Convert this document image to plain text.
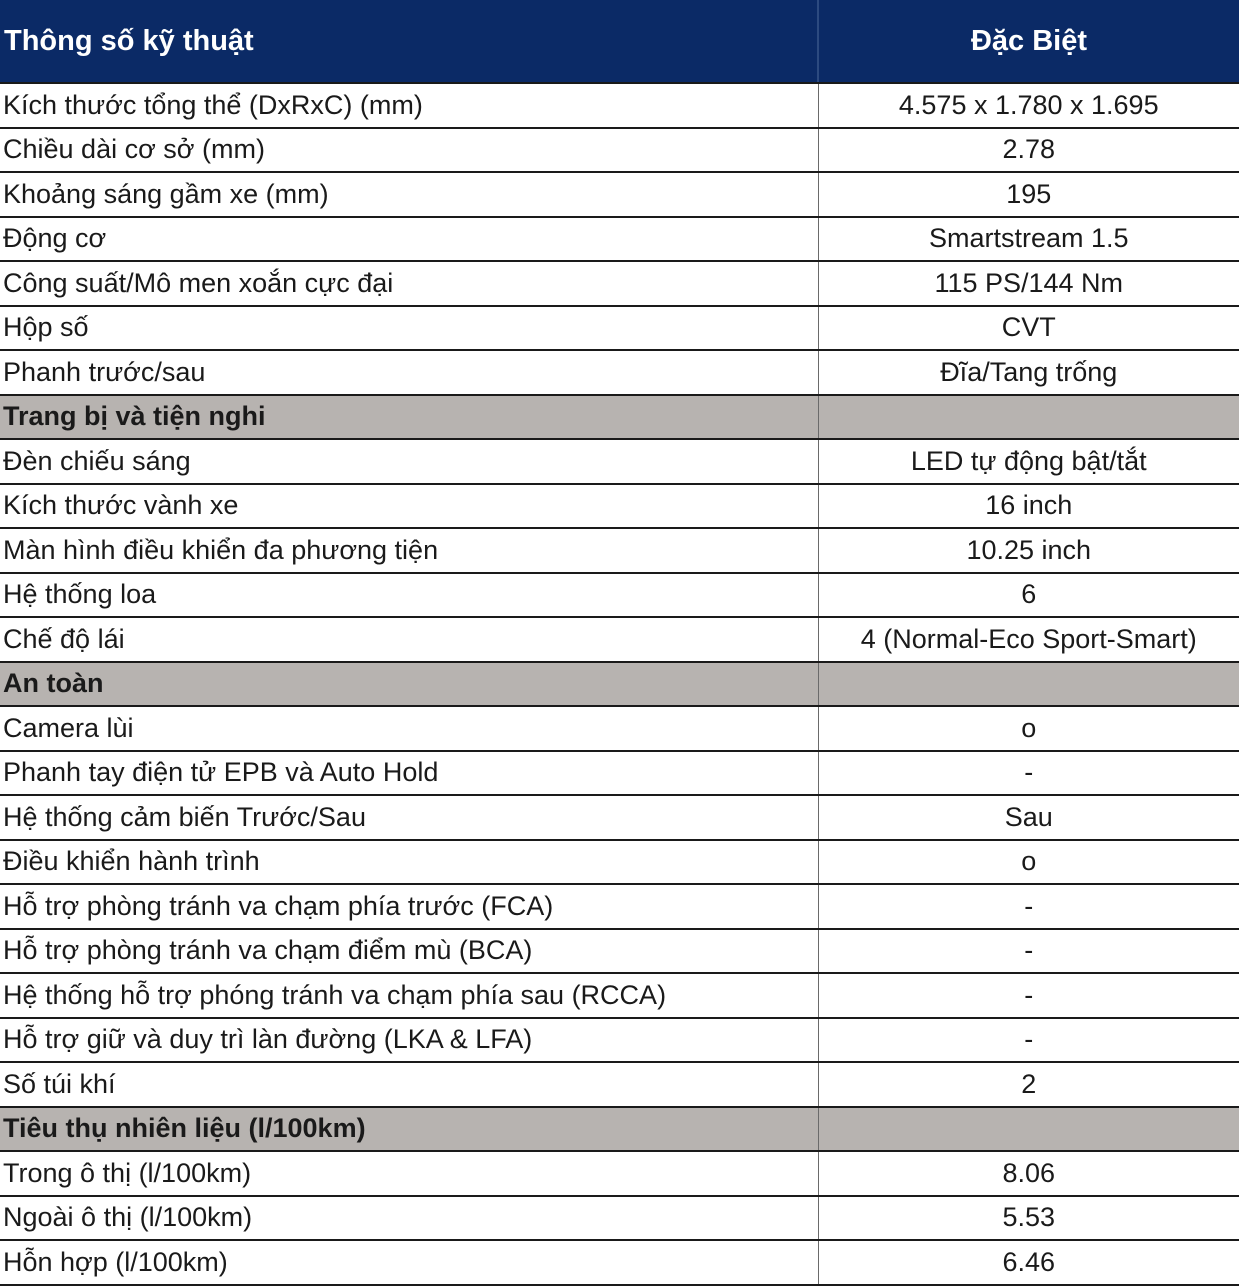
Thông số kỹ thuật	Đặc Biệt
Kích thước tổng thể (DxRxC) (mm)	4.575 x 1.780 x 1.695
Chiều dài cơ sở (mm)	2.78
Khoảng sáng gầm xe (mm)	195
Động cơ	Smartstream 1.5
Công suất/Mô men xoắn cực đại	115 PS/144 Nm
Hộp số	CVT
Phanh trước/sau	Đĩa/Tang trống
Trang bị và tiện nghi	
Đèn chiếu sáng	LED tự động bật/tắt
Kích thước vành xe	16 inch
Màn hình điều khiển đa phương tiện	10.25 inch
Hệ thống loa	6
Chế độ lái	4 (Normal-Eco Sport-Smart)
An toàn	
Camera lùi	o
Phanh tay điện tử EPB và Auto Hold	-
Hệ thống cảm biến Trước/Sau	Sau
Điều khiển hành trình	o
Hỗ trợ phòng tránh va chạm phía trước (FCA)	-
Hỗ trợ phòng tránh va chạm điểm mù (BCA)	-
Hệ thống hỗ trợ phóng tránh va chạm phía sau (RCCA)	-
Hỗ trợ giữ và duy trì làn đường (LKA & LFA)	-
Số túi khí	2
Tiêu thụ nhiên liệu (l/100km)	
Trong ô thị (l/100km)	8.06
Ngoài ô thị (l/100km)	5.53
Hỗn hợp (l/100km)	6.46
